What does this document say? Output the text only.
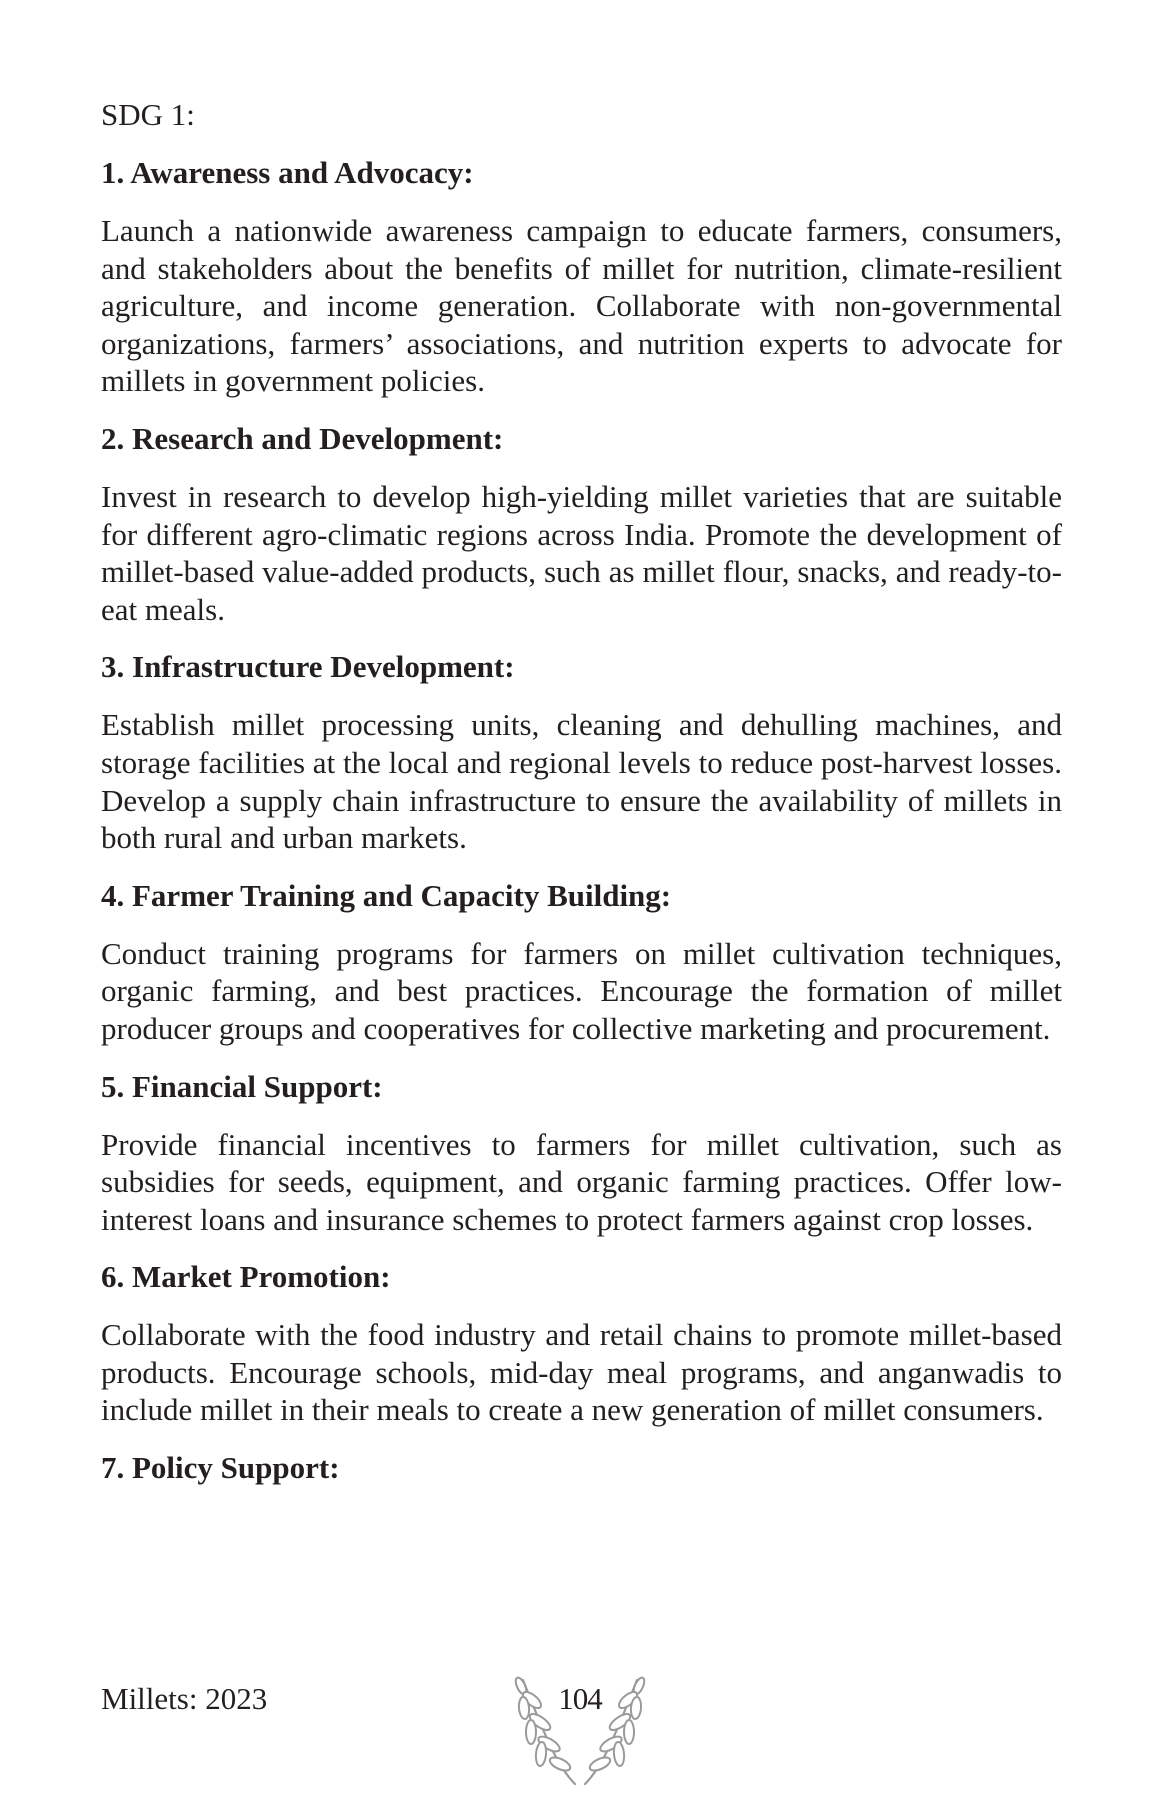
SDG 1:

1. Awareness and Advocacy:

Launch a nationwide awareness campaign to educate farmers, consumers, and stakeholders about the benefits of millet for nutrition, climate-resilient agriculture, and income generation. Collaborate with non-governmental organizations, farmers’ associations, and nutrition experts to advocate for millets in government policies.

2. Research and Development:

Invest in research to develop high-yielding millet varieties that are suitable for different agro-climatic regions across India. Promote the development of millet-based value-added products, such as millet flour, snacks, and ready-to-eat meals.

3. Infrastructure Development:

Establish millet processing units, cleaning and dehulling machines, and storage facilities at the local and regional levels to reduce post-harvest losses. Develop a supply chain infrastructure to ensure the availability of millets in both rural and urban markets.

4. Farmer Training and Capacity Building:

Conduct training programs for farmers on millet cultivation techniques, organic farming, and best practices. Encourage the formation of millet producer groups and cooperatives for collective marketing and procurement.

5. Financial Support:

Provide financial incentives to farmers for millet cultivation, such as subsidies for seeds, equipment, and organic farming practices. Offer low-interest loans and insurance schemes to protect farmers against crop losses.

6. Market Promotion:

Collaborate with the food industry and retail chains to promote millet-based products. Encourage schools, mid-day meal programs, and anganwadis to include millet in their meals to create a new generation of millet consumers.

7. Policy Support:

Millets: 2023	104
